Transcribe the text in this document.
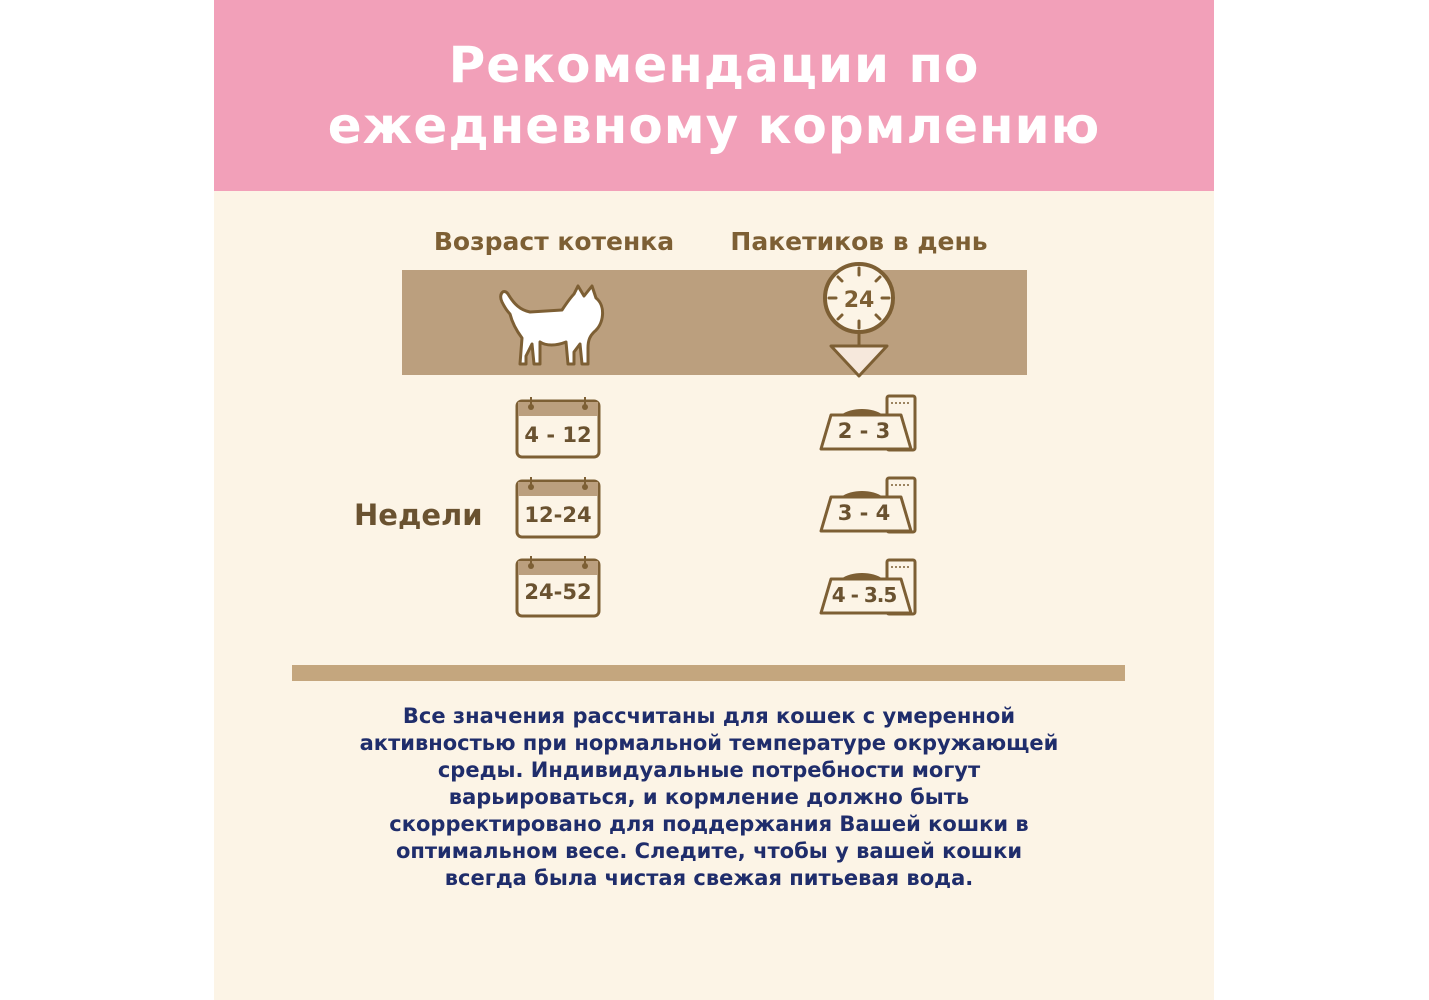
Рекомендации по
ежедневному кормлению
Возраст котенка	Пакетиков в день
24
Недели
4 - 12	2 - 3
12-24	3 - 4
24-52	4 - 3.5
Все значения рассчитаны для кошек с умеренной
активностью при нормальной температуре окружающей
среды. Индивидуальные потребности могут
варьироваться, и кормление должно быть
скорректировано для поддержания Вашей кошки в
оптимальном весе. Следите, чтобы у вашей кошки
всегда была чистая свежая питьевая вода.
